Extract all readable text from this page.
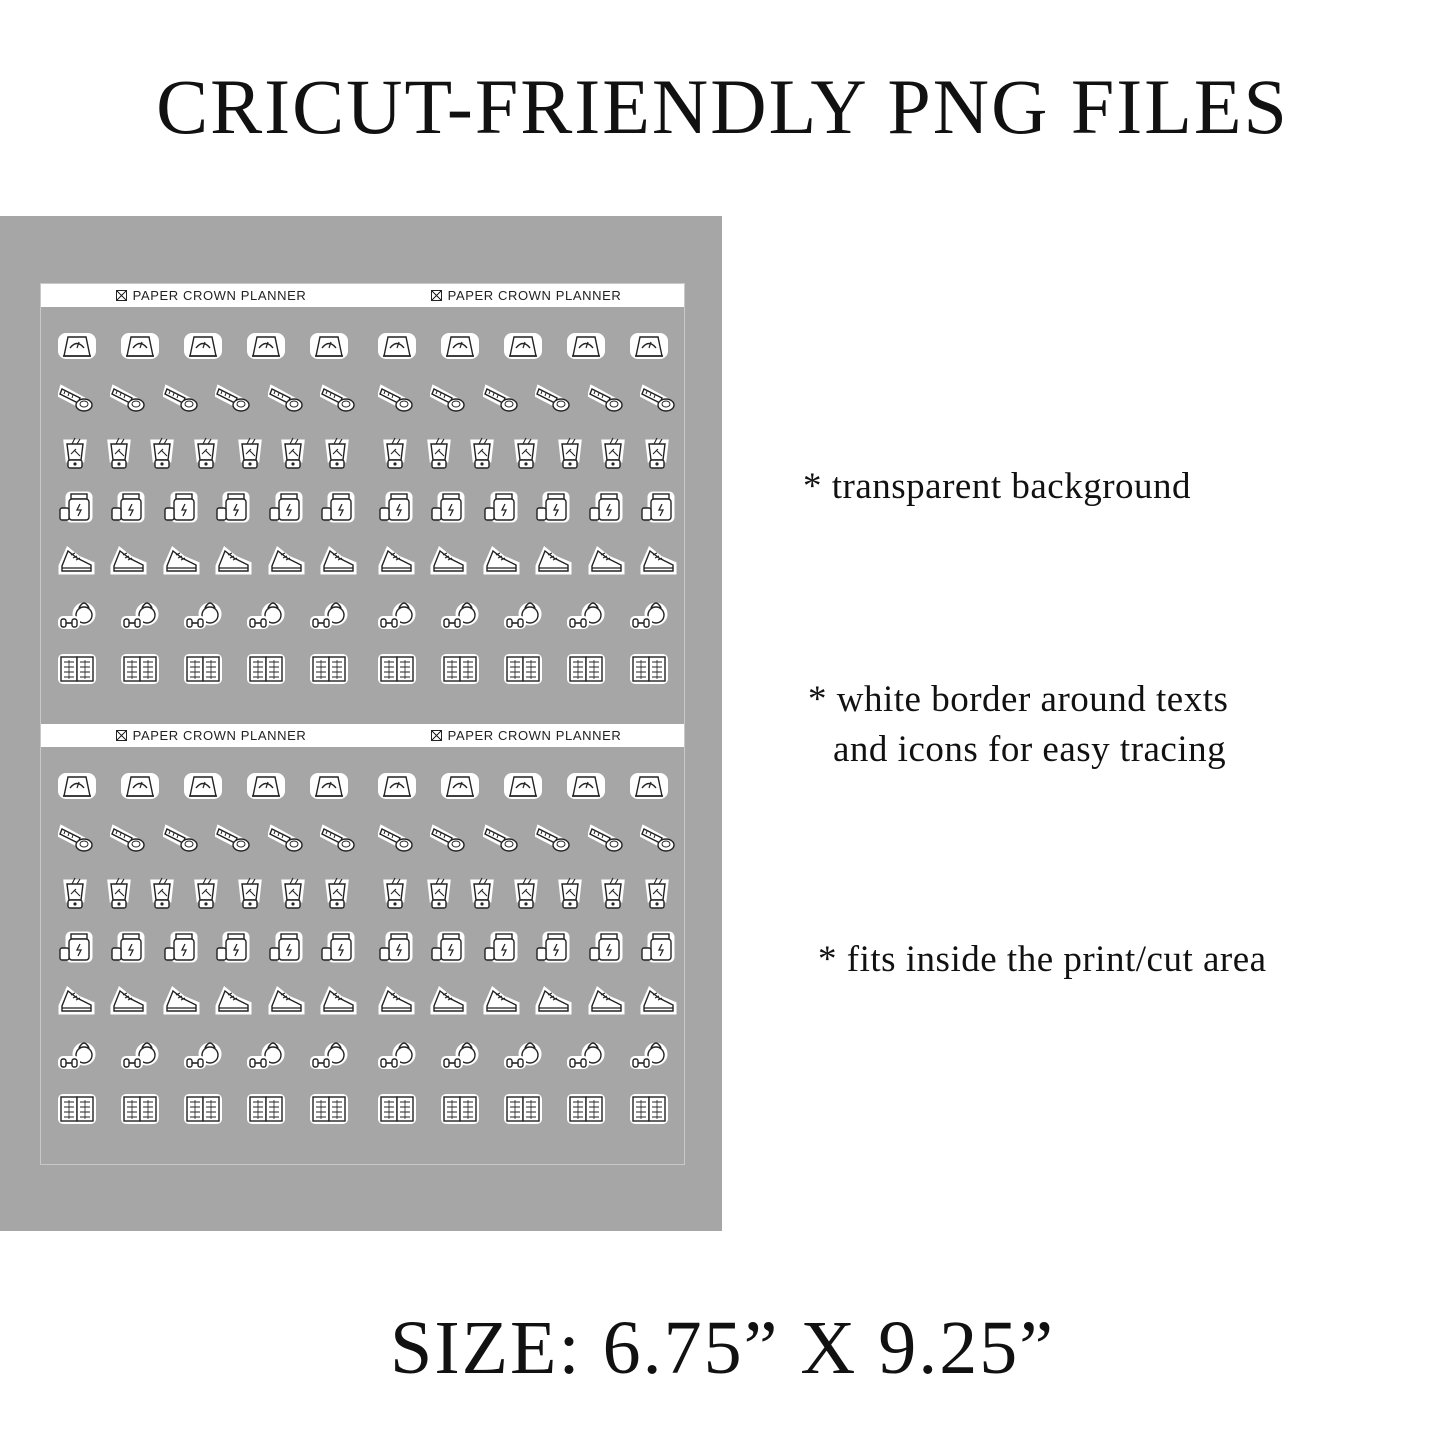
CRICUT-FRIENDLY PNG FILES
PAPER CROWN PLANNER	PAPER CROWN PLANNER
PAPER CROWN PLANNER	PAPER CROWN PLANNER
* transparent background
* white border around texts
and icons for easy tracing
* fits inside the print/cut area
SIZE: 6.75” X 9.25”
